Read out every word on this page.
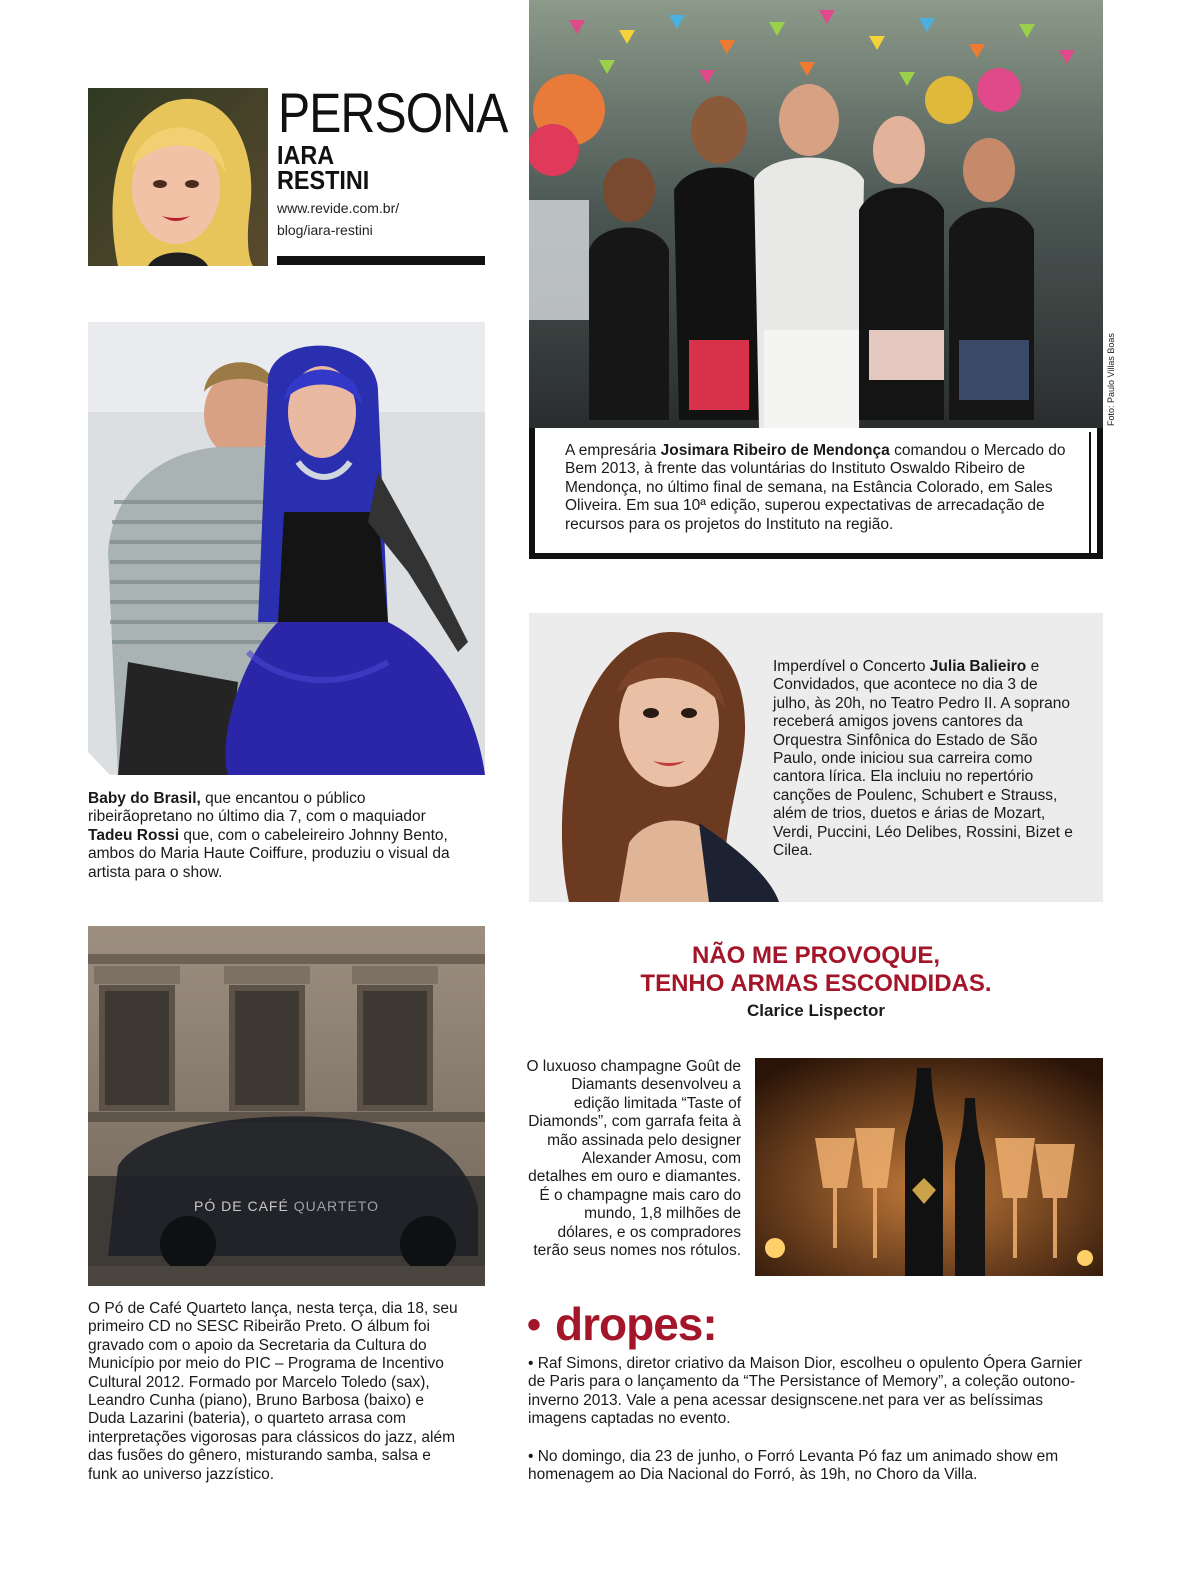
PERSONA
IARA
RESTINI
www.revide.com.br/
blog/iara-restini
Baby do Brasil, que encantou o público ribeirãopretano no último dia 7, com o maquiador Tadeu Rossi que, com o cabeleireiro Johnny Bento, ambos do Maria Haute Coiffure, produziu o visual da artista para o show.
PÓ DE CAFÉ QUARTETO
O Pó de Café Quarteto lança, nesta terça, dia 18, seu primeiro CD no SESC Ribeirão Preto. O álbum foi gravado com o apoio da Secretaria da Cultura do Município por meio do PIC – Programa de Incentivo Cultural 2012. Formado por Marcelo Toledo (sax), Leandro Cunha (piano), Bruno Barbosa (baixo) e Duda Lazarini (bateria), o quarteto arrasa com interpretações vigorosas para clássicos do jazz, além das fusões do gênero, misturando samba, salsa e funk ao universo jazzístico.
Foto: Paulo Villas Boas
A empresária Josimara Ribeiro de Mendonça comandou o Mercado do Bem 2013, à frente das voluntárias do Instituto Oswaldo Ribeiro de Mendonça, no último final de semana, na Estância Colorado, em Sales Oliveira. Em sua 10ª edição, superou expectativas de arrecadação de recursos para os projetos do Instituto na região.
Imperdível o Concerto Julia Balieiro e Convidados, que acontece no dia 3 de julho, às 20h, no Teatro Pedro II. A soprano receberá amigos jovens cantores da Orquestra Sinfônica do Estado de São Paulo, onde iniciou sua carreira como cantora lírica. Ela incluiu no repertório canções de Poulenc, Schubert e Strauss, além de trios, duetos e árias de Mozart, Verdi, Puccini, Léo Delibes, Rossini, Bizet e Cilea.
NÃO ME PROVOQUE,
TENHO ARMAS ESCONDIDAS.
Clarice Lispector
O luxuoso champagne Goût de Diamants desenvolveu a edição limitada “Taste of Diamonds”, com garrafa feita à mão assinada pelo designer Alexander Amosu, com detalhes em ouro e diamantes. É o champagne mais caro do mundo, 1,8 milhões de dólares, e os compradores terão seus nomes nos rótulos.
• dropes:
• Raf Simons, diretor criativo da Maison Dior, escolheu o opulento Ópera Garnier de Paris para o lançamento da “The Persistance of Memory”, a coleção outono-inverno 2013. Vale a pena acessar designscene.net para ver as belíssimas imagens captadas no evento.
• No domingo, dia 23 de junho, o Forró Levanta Pó faz um animado show em homenagem ao Dia Nacional do Forró, às 19h, no Choro da Villa.
